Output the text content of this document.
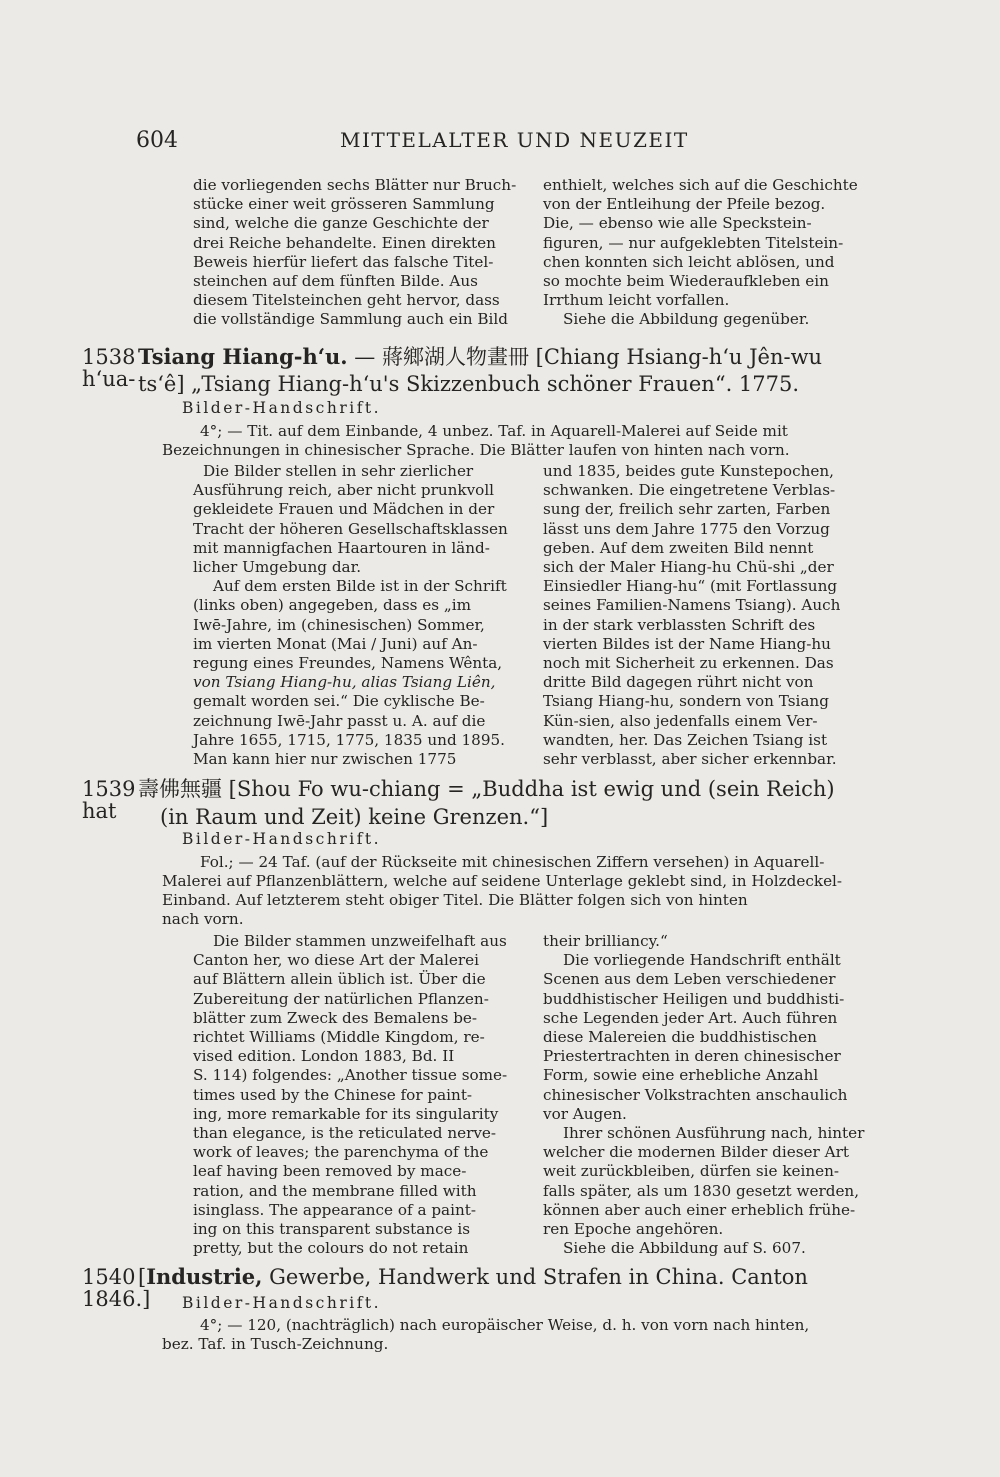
604	MITTELALTER UND NEUZEIT
die vorliegenden sechs Blätter nur Bruch-
stücke einer weit grösseren Sammlung
sind, welche die ganze Geschichte der
drei Reiche behandelte. Einen direkten
Beweis hierfür liefert das falsche Titel-
steinchen auf dem fünften Bilde. Aus
diesem Titelsteinchen geht hervor, dass
die vollständige Sammlung auch ein Bild
enthielt, welches sich auf die Geschichte
von der Entleihung der Pfeile bezog.
Die, — ebenso wie alle Speckstein-
figuren, — nur aufgeklebten Titelstein-
chen konnten sich leicht ablösen, und
so mochte beim Wiederaufkleben ein
Irrthum leicht vorfallen.
Siehe die Abbildung gegenüber.
1538 Tsiang Hiang-hʻu. — 蔣鄉湖人物畫冊 [Chiang Hsiang-hʻu Jên-wu hʻua- tsʻê] „Tsiang Hiang-hʻu's Skizzenbuch schöner Frauen“. 1775.
Bilder-Handschrift.
4°; — Tit. auf dem Einbande, 4 unbez. Taf. in Aquarell-Malerei auf Seide mit
Bezeichnungen in chinesischer Sprache. Die Blätter laufen von hinten nach vorn.
Die Bilder stellen in sehr zierlicher
Ausführung reich, aber nicht prunkvoll
gekleidete Frauen und Mädchen in der
Tracht der höheren Gesellschaftsklassen
mit mannigfachen Haartouren in länd-
licher Umgebung dar.
Auf dem ersten Bilde ist in der Schrift
(links oben) angegeben, dass es „im
Iwē-Jahre, im (chinesischen) Sommer,
im vierten Monat (Mai / Juni) auf An-
regung eines Freundes, Namens Wênta,
von Tsiang Hiang-hu, alias Tsiang Liên,
gemalt worden sei.“ Die cyklische Be-
zeichnung Iwē-Jahr passt u. A. auf die
Jahre 1655, 1715, 1775, 1835 und 1895.
Man kann hier nur zwischen 1775
und 1835, beides gute Kunstepochen,
schwanken. Die eingetretene Verblas-
sung der, freilich sehr zarten, Farben
lässt uns dem Jahre 1775 den Vorzug
geben. Auf dem zweiten Bild nennt
sich der Maler Hiang-hu Chü-shi „der
Einsiedler Hiang-hu“ (mit Fortlassung
seines Familien-Namens Tsiang). Auch
in der stark verblassten Schrift des
vierten Bildes ist der Name Hiang-hu
noch mit Sicherheit zu erkennen. Das
dritte Bild dagegen rührt nicht von
Tsiang Hiang-hu, sondern von Tsiang
Kün-sien, also jedenfalls einem Ver-
wandten, her. Das Zeichen Tsiang ist
sehr verblasst, aber sicher erkennbar.
1539 壽佛無疆 [Shou Fo wu-chiang = „Buddha ist ewig und (sein Reich) hat	(in Raum und Zeit) keine Grenzen.“]
Bilder-Handschrift.
Fol.; — 24 Taf. (auf der Rückseite mit chinesischen Ziffern versehen) in Aquarell-
Malerei auf Pflanzenblättern, welche auf seidene Unterlage geklebt sind, in Holzdeckel-
Einband. Auf letzterem steht obiger Titel. Die Blätter folgen sich von hinten
nach vorn.
Die Bilder stammen unzweifelhaft aus
Canton her, wo diese Art der Malerei
auf Blättern allein üblich ist. Über die
Zubereitung der natürlichen Pflanzen-
blätter zum Zweck des Bemalens be-
richtet Williams (Middle Kingdom, re-
vised edition. London 1883, Bd. II
S. 114) folgendes: „Another tissue some-
times used by the Chinese for paint-
ing, more remarkable for its singularity
than elegance, is the reticulated nerve-
work of leaves; the parenchyma of the
leaf having been removed by mace-
ration, and the membrane filled with
isinglass. The appearance of a paint-
ing on this transparent substance is
pretty, but the colours do not retain
their brilliancy.“
Die vorliegende Handschrift enthält
Scenen aus dem Leben verschiedener
buddhistischer Heiligen und buddhisti-
sche Legenden jeder Art. Auch führen
diese Malereien die buddhistischen
Priestertrachten in deren chinesischer
Form, sowie eine erhebliche Anzahl
chinesischer Volkstrachten anschaulich
vor Augen.
Ihrer schönen Ausführung nach, hinter
welcher die modernen Bilder dieser Art
weit zurückbleiben, dürfen sie keinen-
falls später, als um 1830 gesetzt werden,
können aber auch einer erheblich frühe-
ren Epoche angehören.
Siehe die Abbildung auf S. 607.
1540 [Industrie, Gewerbe, Handwerk und Strafen in China. Canton 1846.]	Bilder-Handschrift.
4°; — 120, (nachträglich) nach europäischer Weise, d. h. von vorn nach hinten,
bez. Taf. in Tusch-Zeichnung.
